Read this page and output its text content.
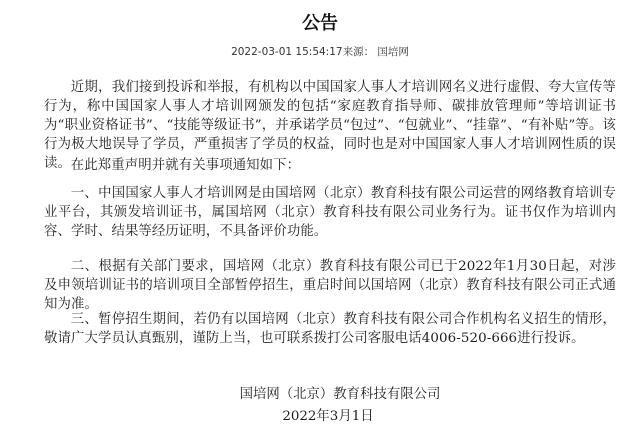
公告
2022-03-01 15:54:17来源： 国培网

近期，我们接到投诉和举报，有机构以中国国家人事人才培训网名义进行虚假、夸大宣传等行为，称中国国家人事人才培训网颁发的包括“家庭教育指导师、碳排放管理师”等培训证书为“职业资格证书”、“技能等级证书”，并承诺学员“包过”、“包就业”、“挂靠”、“有补贴”等。该行为极大地误导了学员，严重损害了学员的权益，同时也是对中国国家人事人才培训网性质的误读。 在此郑重声明并就有关事项通知如下：

一、中国国家人事人才培训网是由国培网（北京）教育科技有限公司运营的网络教育培训专业平台，其颁发培训证书，属国培网（北京）教育科技有限公司业务行为。证书仅作为培训内容、学时、结果等经历证明，不具备评价功能。

二、根据有关部门要求，国培网（北京）教育科技有限公司已于2022年1月30日起，对涉及申领培训证书的培训项目全部暂停招生，重启时间以国培网（北京）教育科技有限公司正式通知为准。

三、暂停招生期间，若仍有以国培网（北京）教育科技有限公司合作机构名义招生的情形，敬请广大学员认真甄别，谨防上当，也可联系拨打公司客服电话4006-520-666进行投诉。

国培网（北京）教育科技有限公司
2022年3月1日
